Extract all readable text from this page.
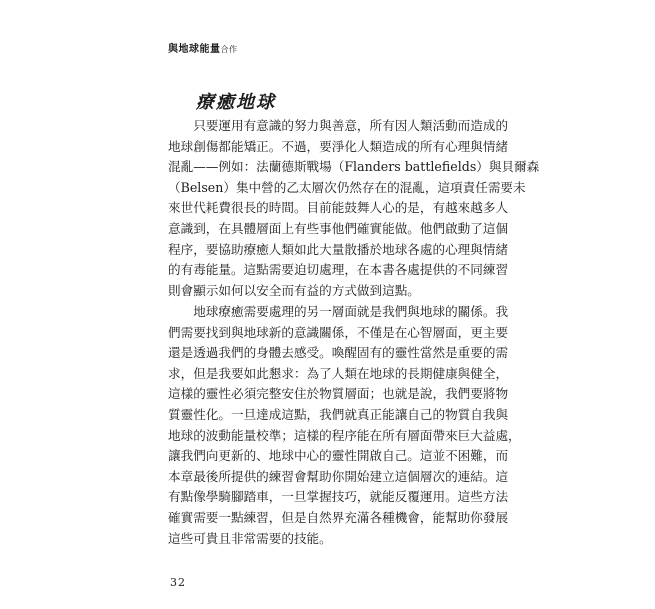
與地球能量合作
療癒地球
　　只要運用有意識的努力與善意，所有因人類活動而造成的
地球創傷都能矯正。不過，要淨化人類造成的所有心理與情緒
混亂——例如：法蘭德斯戰場（Flanders battlefields）與貝爾森
（Belsen）集中營的乙太層次仍然存在的混亂，這項責任需要未
來世代耗費很長的時間。目前能鼓舞人心的是，有越來越多人
意識到，在具體層面上有些事他們確實能做。他們啟動了這個
程序，要協助療癒人類如此大量散播於地球各處的心理與情緒
的有毒能量。這點需要迫切處理，在本書各處提供的不同練習
則會顯示如何以安全而有益的方式做到這點。
　　地球療癒需要處理的另一層面就是我們與地球的關係。我
們需要找到與地球新的意識關係，不僅是在心智層面，更主要
還是透過我們的身體去感受。喚醒固有的靈性當然是重要的需
求，但是我要如此懇求：為了人類在地球的長期健康與健全，
這樣的靈性必須完整安住於物質層面；也就是說，我們要將物
質靈性化。一旦達成這點，我們就真正能讓自己的物質自我與
地球的波動能量校準；這樣的程序能在所有層面帶來巨大益處，
讓我們向更新的、地球中心的靈性開啟自己。這並不困難，而
本章最後所提供的練習會幫助你開始建立這個層次的連結。這
有點像學騎腳踏車，一旦掌握技巧，就能反覆運用。這些方法
確實需要一點練習，但是自然界充滿各種機會，能幫助你發展
這些可貴且非常需要的技能。
32
